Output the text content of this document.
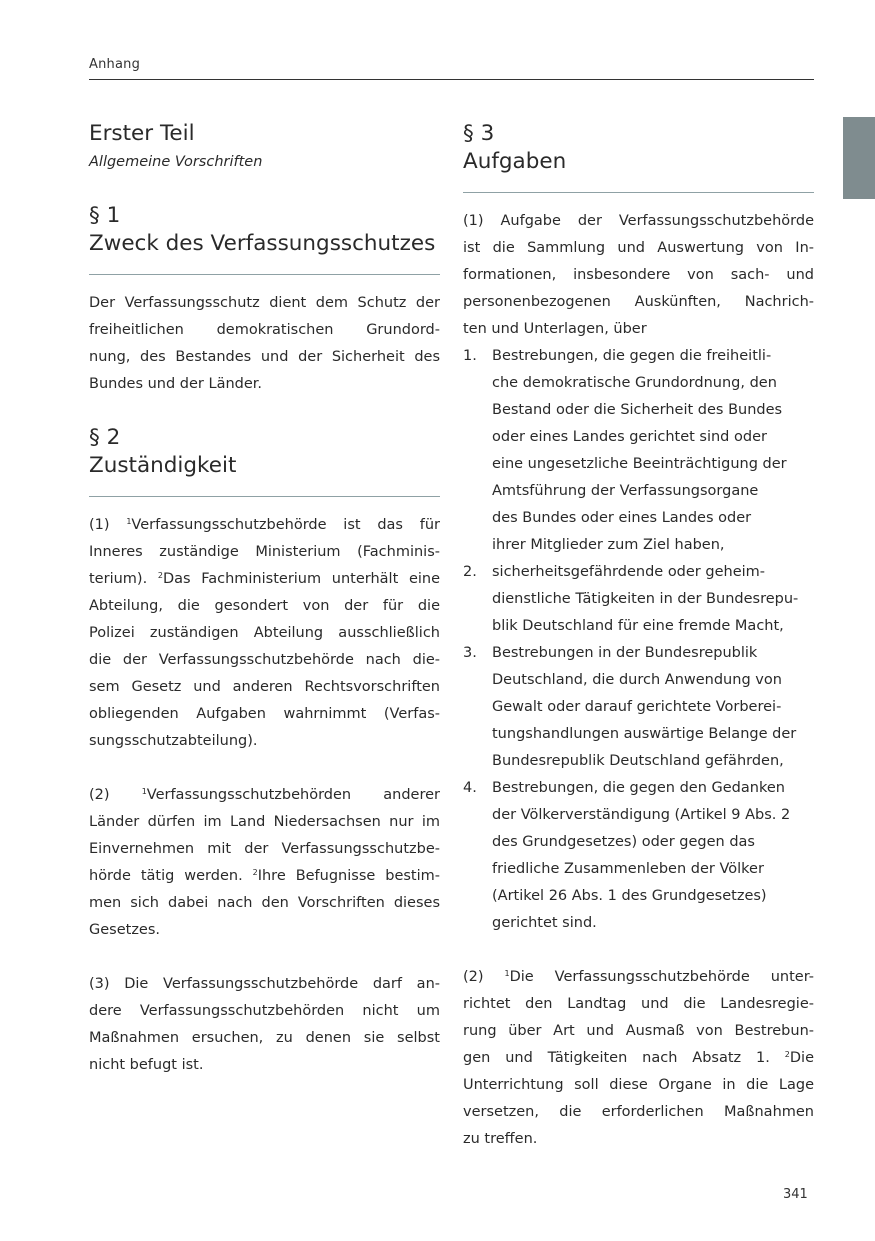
Anhang
Erster Teil
Allgemeine Vorschriften
§ 1
Zweck des Verfassungsschutzes
Der Verfassungsschutz dient dem Schutz der
freiheitlichen demokratischen Grundord-
nung, des Bestandes und der Sicherheit des
Bundes und der Länder.
§ 2
Zuständigkeit
(1) $^1$Verfassungsschutzbehörde ist das für
Inneres zuständige Ministerium (Fachminis-
terium). $^2$Das Fachministerium unterhält eine
Abteilung, die gesondert von der für die
Polizei zuständigen Abteilung ausschließlich
die der Verfassungsschutzbehörde nach die-
sem Gesetz und anderen Rechtsvorschriften
obliegenden Aufgaben wahrnimmt (Verfas-
sungsschutzabteilung).
(2) $^1$Verfassungsschutzbehörden anderer
Länder dürfen im Land Niedersachsen nur im
Einvernehmen mit der Verfassungsschutzbe-
hörde tätig werden. $^2$Ihre Befugnisse bestim-
men sich dabei nach den Vorschriften dieses
Gesetzes.
(3) Die Verfassungsschutzbehörde darf an-
dere Verfassungsschutzbehörden nicht um
Maßnahmen ersuchen, zu denen sie selbst
nicht befugt ist.
§ 3
Aufgaben
(1) Aufgabe der Verfassungsschutzbehörde
ist die Sammlung und Auswertung von In-
formationen, insbesondere von sach- und
personenbezogenen Auskünften, Nachrich-
ten und Unterlagen, über
1. Bestrebungen, die gegen die freiheitli-
che demokratische Grundordnung, den
Bestand oder die Sicherheit des Bundes
oder eines Landes gerichtet sind oder
eine ungesetzliche Beeinträchtigung der
Amtsführung der Verfassungsorgane
des Bundes oder eines Landes oder
ihrer Mitglieder zum Ziel haben,
2. sicherheitsgefährdende oder geheim-
dienstliche Tätigkeiten in der Bundesrepu-
blik Deutschland für eine fremde Macht,
3. Bestrebungen in der Bundesrepublik
Deutschland, die durch Anwendung von
Gewalt oder darauf gerichtete Vorberei-
tungshandlungen auswärtige Belange der
Bundesrepublik Deutschland gefährden,
4. Bestrebungen, die gegen den Gedanken
der Völkerverständigung (Artikel 9 Abs. 2
des Grundgesetzes) oder gegen das
friedliche Zusammenleben der Völker
(Artikel 26 Abs. 1 des Grundgesetzes)
gerichtet sind.
(2) $^1$Die Verfassungsschutzbehörde unter-
richtet den Landtag und die Landesregie-
rung über Art und Ausmaß von Bestrebun-
gen und Tätigkeiten nach Absatz 1. $^2$Die
Unterrichtung soll diese Organe in die Lage
versetzen, die erforderlichen Maßnahmen
zu treffen.
341
